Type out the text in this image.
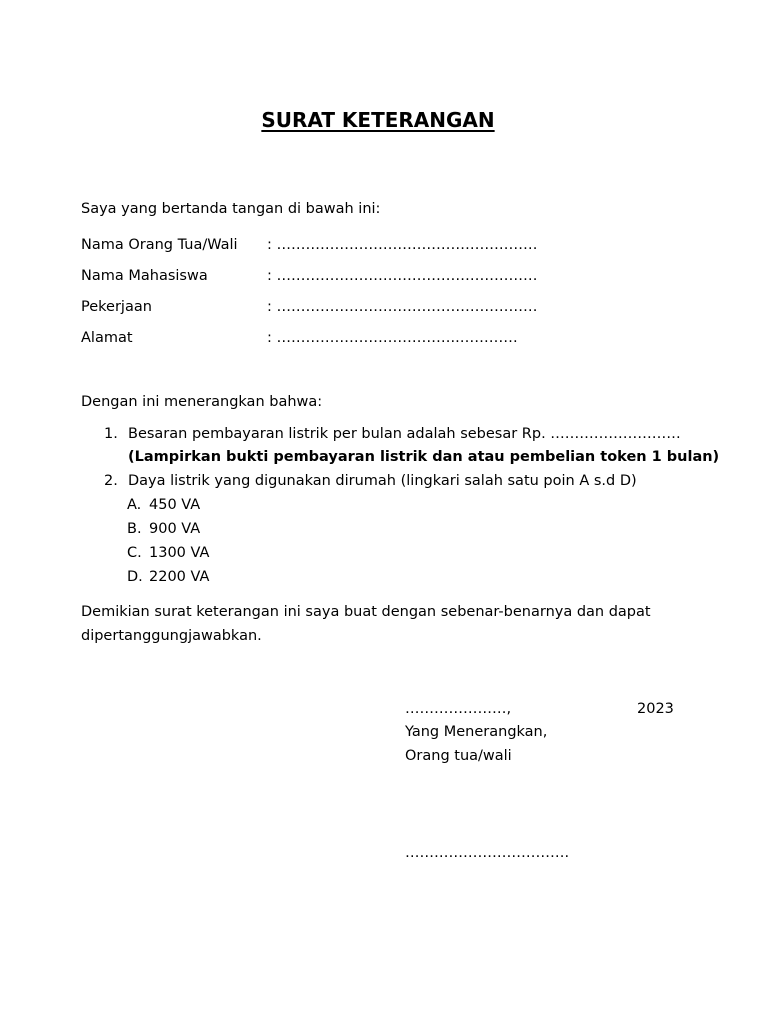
SURAT KETERANGAN
Saya yang bertanda tangan di bawah ini:
Nama Orang Tua/Wali : ………………………………………………
Nama Mahasiswa	: ………………………………………………
Pekerjaan	: ………………………………………………
Alamat	: ………………………………..…………
Dengan ini menerangkan bahwa:
1. Besaran pembayaran listrik per bulan adalah sebesar Rp. ………………………
(Lampirkan bukti pembayaran listrik dan atau pembelian token 1 bulan)
2. Daya listrik yang digunakan dirumah (lingkari salah satu poin A s.d D)
A. 450 VA
B. 900 VA
C. 1300 VA
D. 2200 VA
Demikian surat keterangan ini saya buat dengan sebenar-benarnya dan dapat
dipertanggungjawabkan.
…………………,	2023
Yang Menerangkan,
Orang tua/wali
…………………………….
